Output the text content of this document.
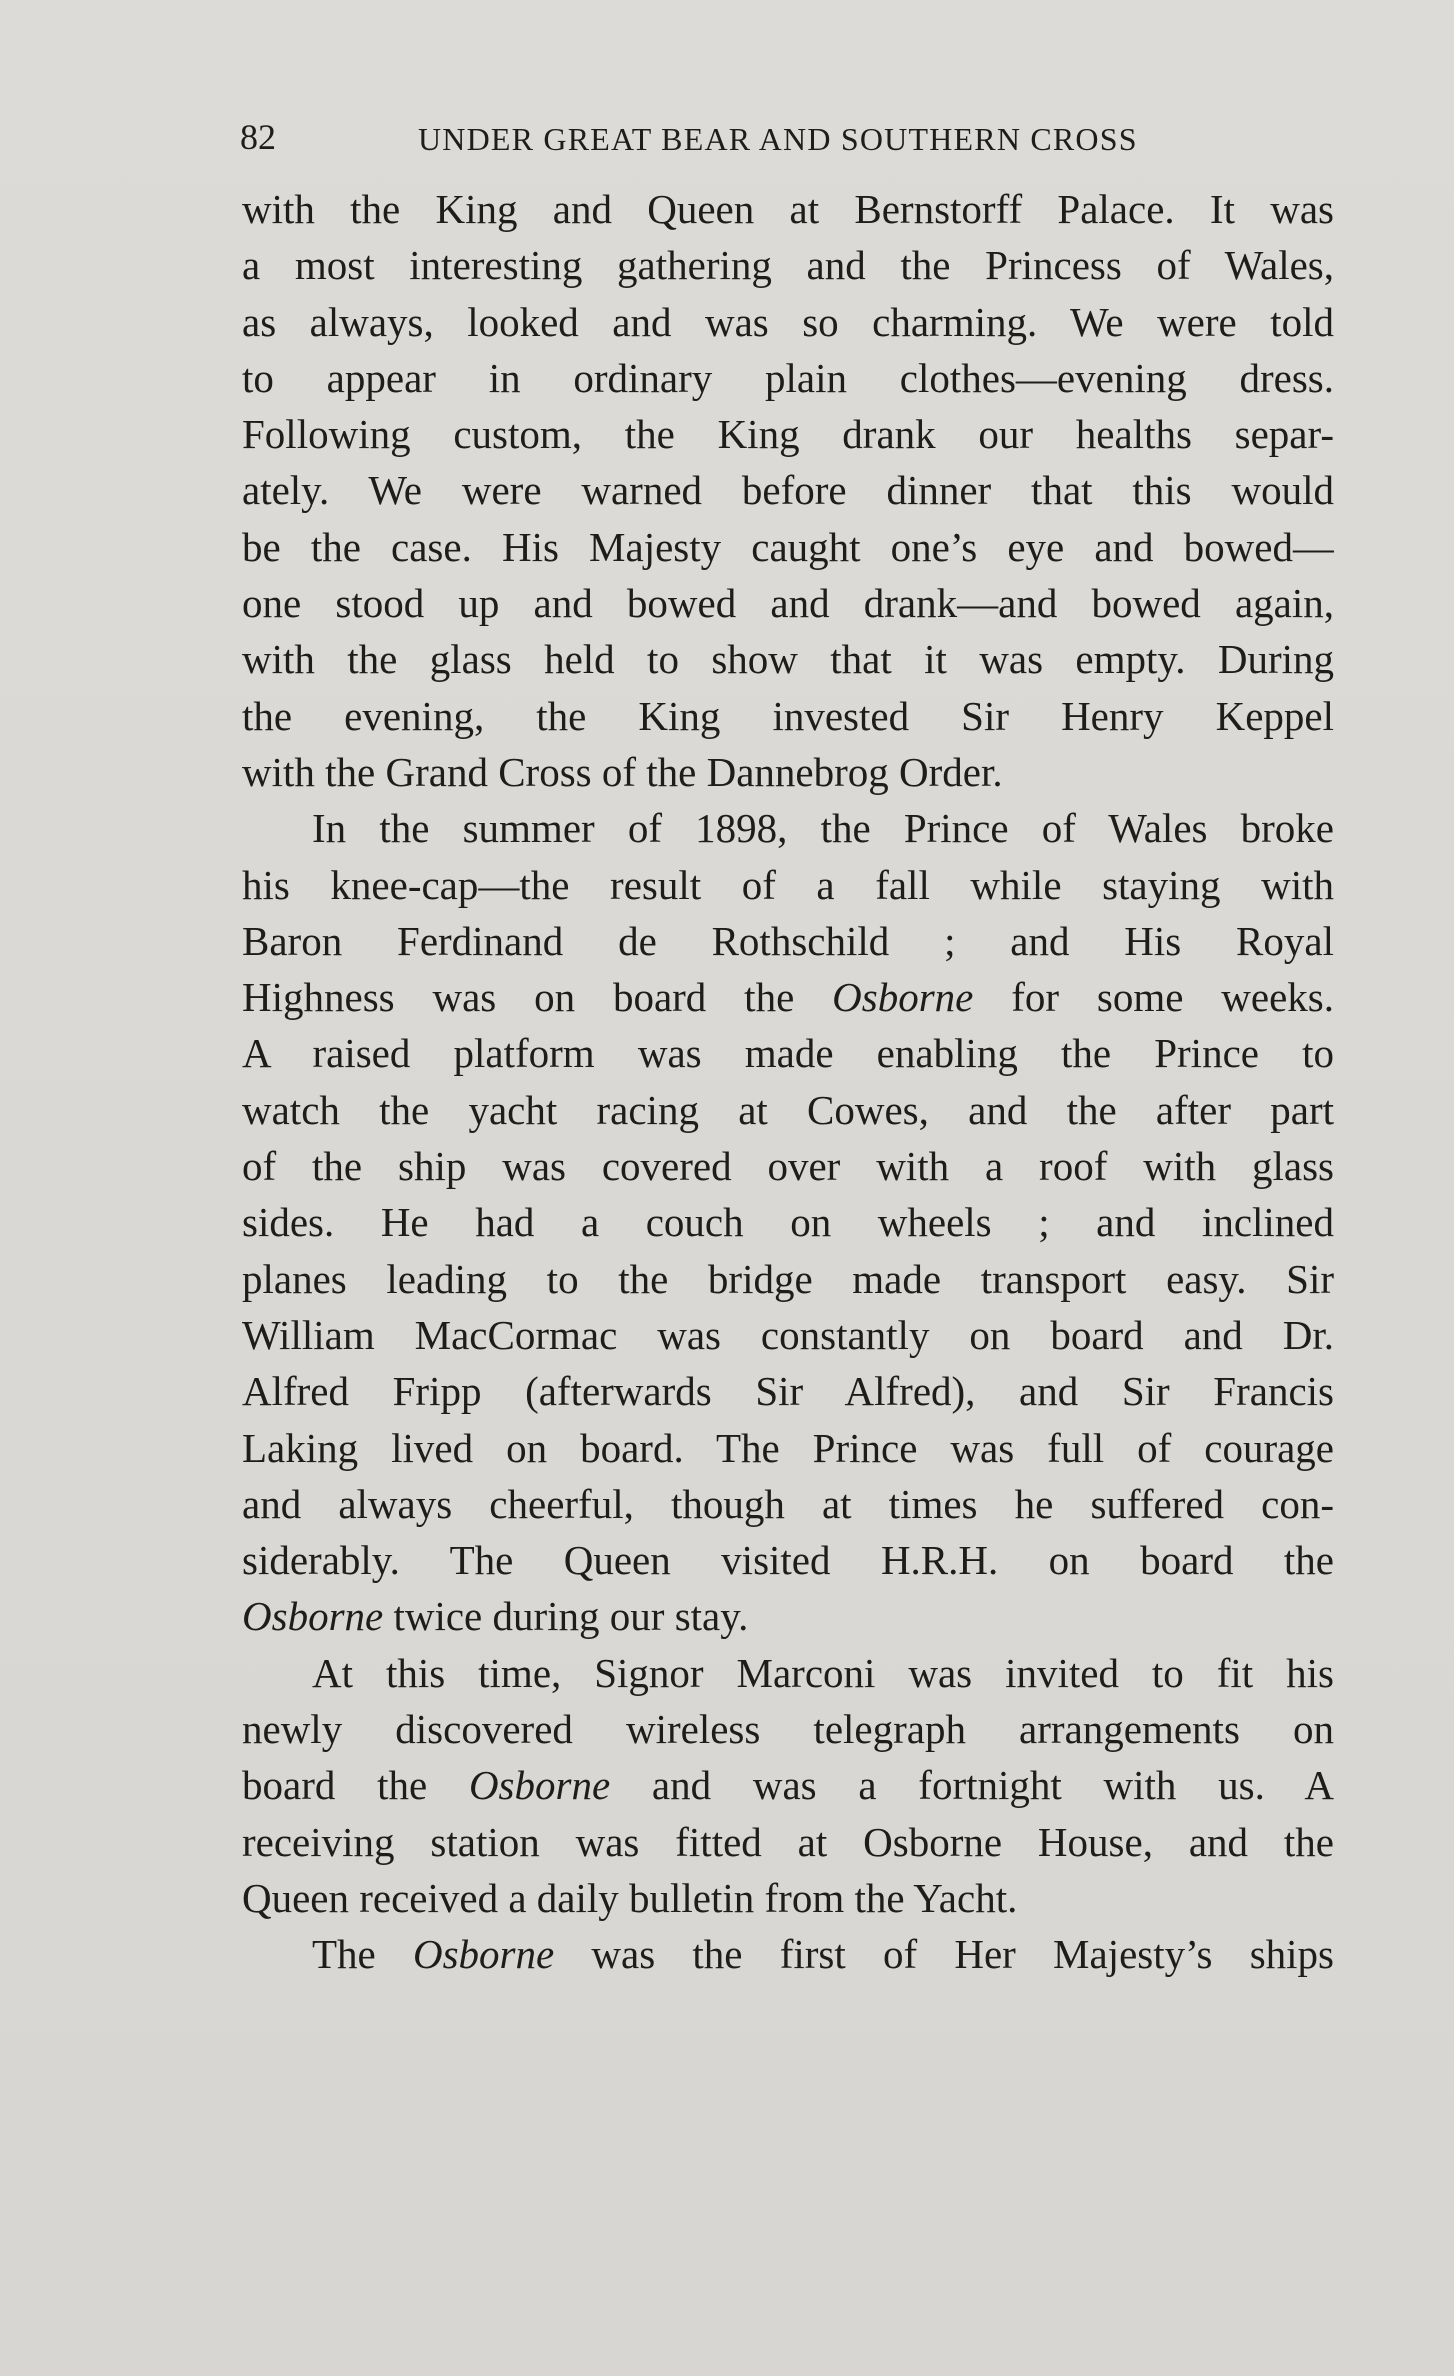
82	UNDER GREAT BEAR AND SOUTHERN CROSS
with the King and Queen at Bernstorff Palace. It was
a most interesting gathering and the Princess of Wales,
as always, looked and was so charming. We were told
to appear in ordinary plain clothes—evening dress.
Following custom, the King drank our healths separ-
ately. We were warned before dinner that this would
be the case. His Majesty caught one’s eye and bowed—
one stood up and bowed and drank—and bowed again,
with the glass held to show that it was empty. During
the evening, the King invested Sir Henry Keppel
with the Grand Cross of the Dannebrog Order.
In the summer of 1898, the Prince of Wales broke
his knee-cap—the result of a fall while staying with
Baron Ferdinand de Rothschild ; and His Royal
Highness was on board the Osborne for some weeks.
A raised platform was made enabling the Prince to
watch the yacht racing at Cowes, and the after part
of the ship was covered over with a roof with glass
sides. He had a couch on wheels ; and inclined
planes leading to the bridge made transport easy. Sir
William MacCormac was constantly on board and Dr.
Alfred Fripp (afterwards Sir Alfred), and Sir Francis
Laking lived on board. The Prince was full of courage
and always cheerful, though at times he suffered con-
siderably. The Queen visited H.R.H. on board the
Osborne twice during our stay.
At this time, Signor Marconi was invited to fit his
newly discovered wireless telegraph arrangements on
board the Osborne and was a fortnight with us. A
receiving station was fitted at Osborne House, and the
Queen received a daily bulletin from the Yacht.
The Osborne was the first of Her Majesty’s ships
